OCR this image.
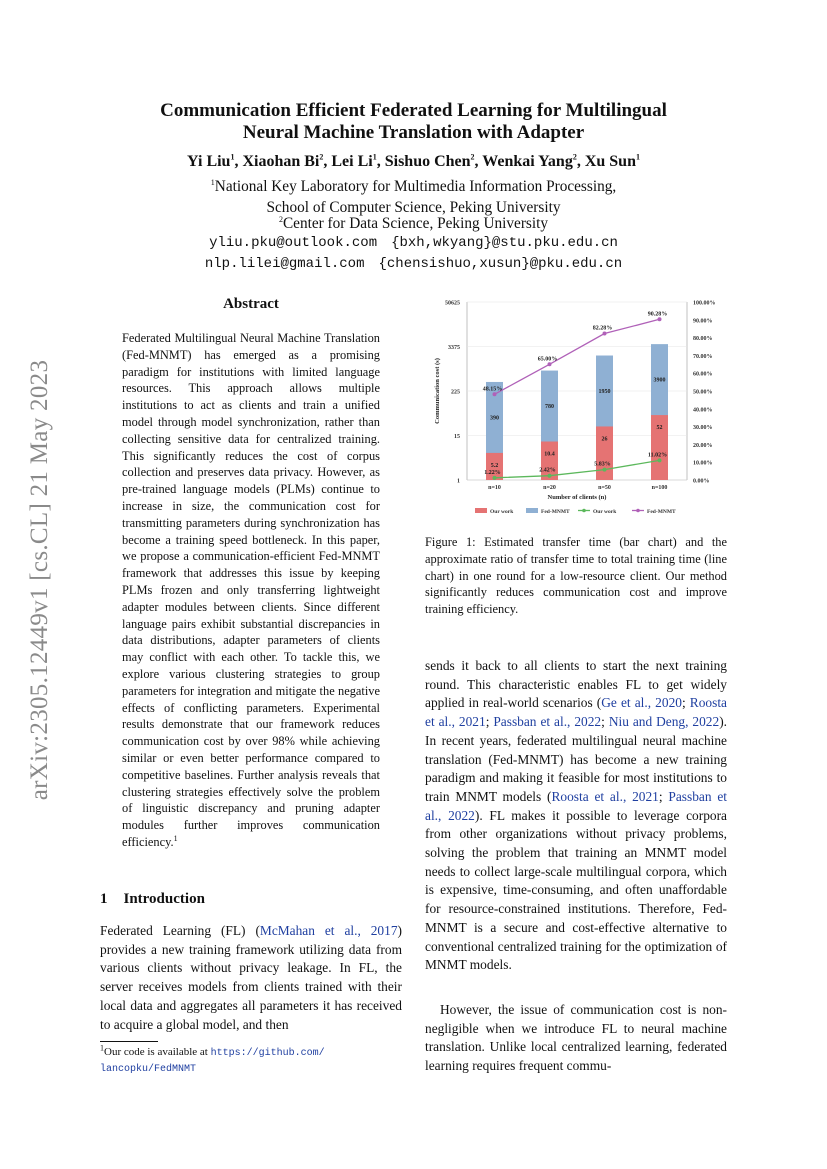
arXiv:2305.12449v1 [cs.CL] 21 May 2023
Communication Efficient Federated Learning for Multilingual
Neural Machine Translation with Adapter
Yi Liu$^1$, Xiaohan Bi$^2$, Lei Li$^1$, Sishuo Chen$^2$, Wenkai Yang$^2$, Xu Sun$^1$
$^1$National Key Laboratory for Multimedia Information Processing,
School of Computer Science, Peking University
$^2$Center for Data Science, Peking University
yliu.pku@outlook.com {bxh,wkyang}@stu.pku.edu.cn
nlp.lilei@gmail.com {chensishuo,xusun}@pku.edu.cn
Abstract
Federated Multilingual Neural Machine Translation (Fed-MNMT) has emerged as a promising paradigm for institutions with limited language resources. This approach allows multiple institutions to act as clients and train a unified model through model synchronization, rather than collecting sensitive data for centralized training. This significantly reduces the cost of corpus collection and preserves data privacy. However, as pre-trained language models (PLMs) continue to increase in size, the communication cost for transmitting parameters during synchronization has become a training speed bottleneck. In this paper, we propose a communication-efficient Fed-MNMT framework that addresses this issue by keeping PLMs frozen and only transferring lightweight adapter modules between clients. Since different language pairs exhibit substantial discrepancies in data distributions, adapter parameters of clients may conflict with each other. To tackle this, we explore various clustering strategies to group parameters for integration and mitigate the negative effects of conflicting parameters. Experimental results demonstrate that our framework reduces communication cost by over 98% while achieving similar or even better performance compared to competitive baselines. Further analysis reveals that clustering strategies effectively solve the problem of linguistic discrepancy and pruning adapter modules further improves communication efficiency.$^1$
1 Introduction
Federated Learning (FL) (McMahan et al., 2017) provides a new training framework utilizing data from various clients without privacy leakage. In FL, the server receives models from clients trained with their local data and aggregates all parameters it has received to acquire a global model, and then
sends it back to all clients to start the next training round. This characteristic enables FL to get widely applied in real-world scenarios (Ge et al., 2020; Roosta et al., 2021; Passban et al., 2022; Niu and Deng, 2022). In recent years, federated multilingual neural machine translation (Fed-MNMT) has become a new training paradigm and making it feasible for most institutions to train MNMT models (Roosta et al., 2021; Passban et al., 2022). FL makes it possible to leverage corpora from other organizations without privacy problems, solving the problem that training an MNMT model needs to collect large-scale multilingual corpora, which is expensive, time-consuming, and often unaffordable for resource-constrained institutions. Therefore, Fed-MNMT is a secure and cost-effective alternative to conventional centralized training for the optimization of MNMT models.
However, the issue of communication cost is non-negligible when we introduce FL to neural machine translation. Unlike local centralized learning, federated learning requires frequent commu-
$^1$Our code is available at https://github.com/
lancopku/FedMNMT
1
15
225
3375
50625
0.00%
10.00%
20.00%
30.00%
40.00%
50.00%
60.00%
70.00%
80.00%
90.00%
100.00%
390
5.2
n=10
780
10.4
n=20
1950
26
n=50
3900
52
n=100
48.15%
65.00%
82.28%
90.28%
1.22%	2.42%
5.83%
11.02%
Number of clients (n)
Communication cost (s)
Our work	Fed-MNMT	Our work	Fed-MNMT
Figure 1: Estimated transfer time (bar chart) and the approximate ratio of transfer time to total training time (line chart) in one round for a low-resource client. Our method significantly reduces communication cost and improve training efficiency.
